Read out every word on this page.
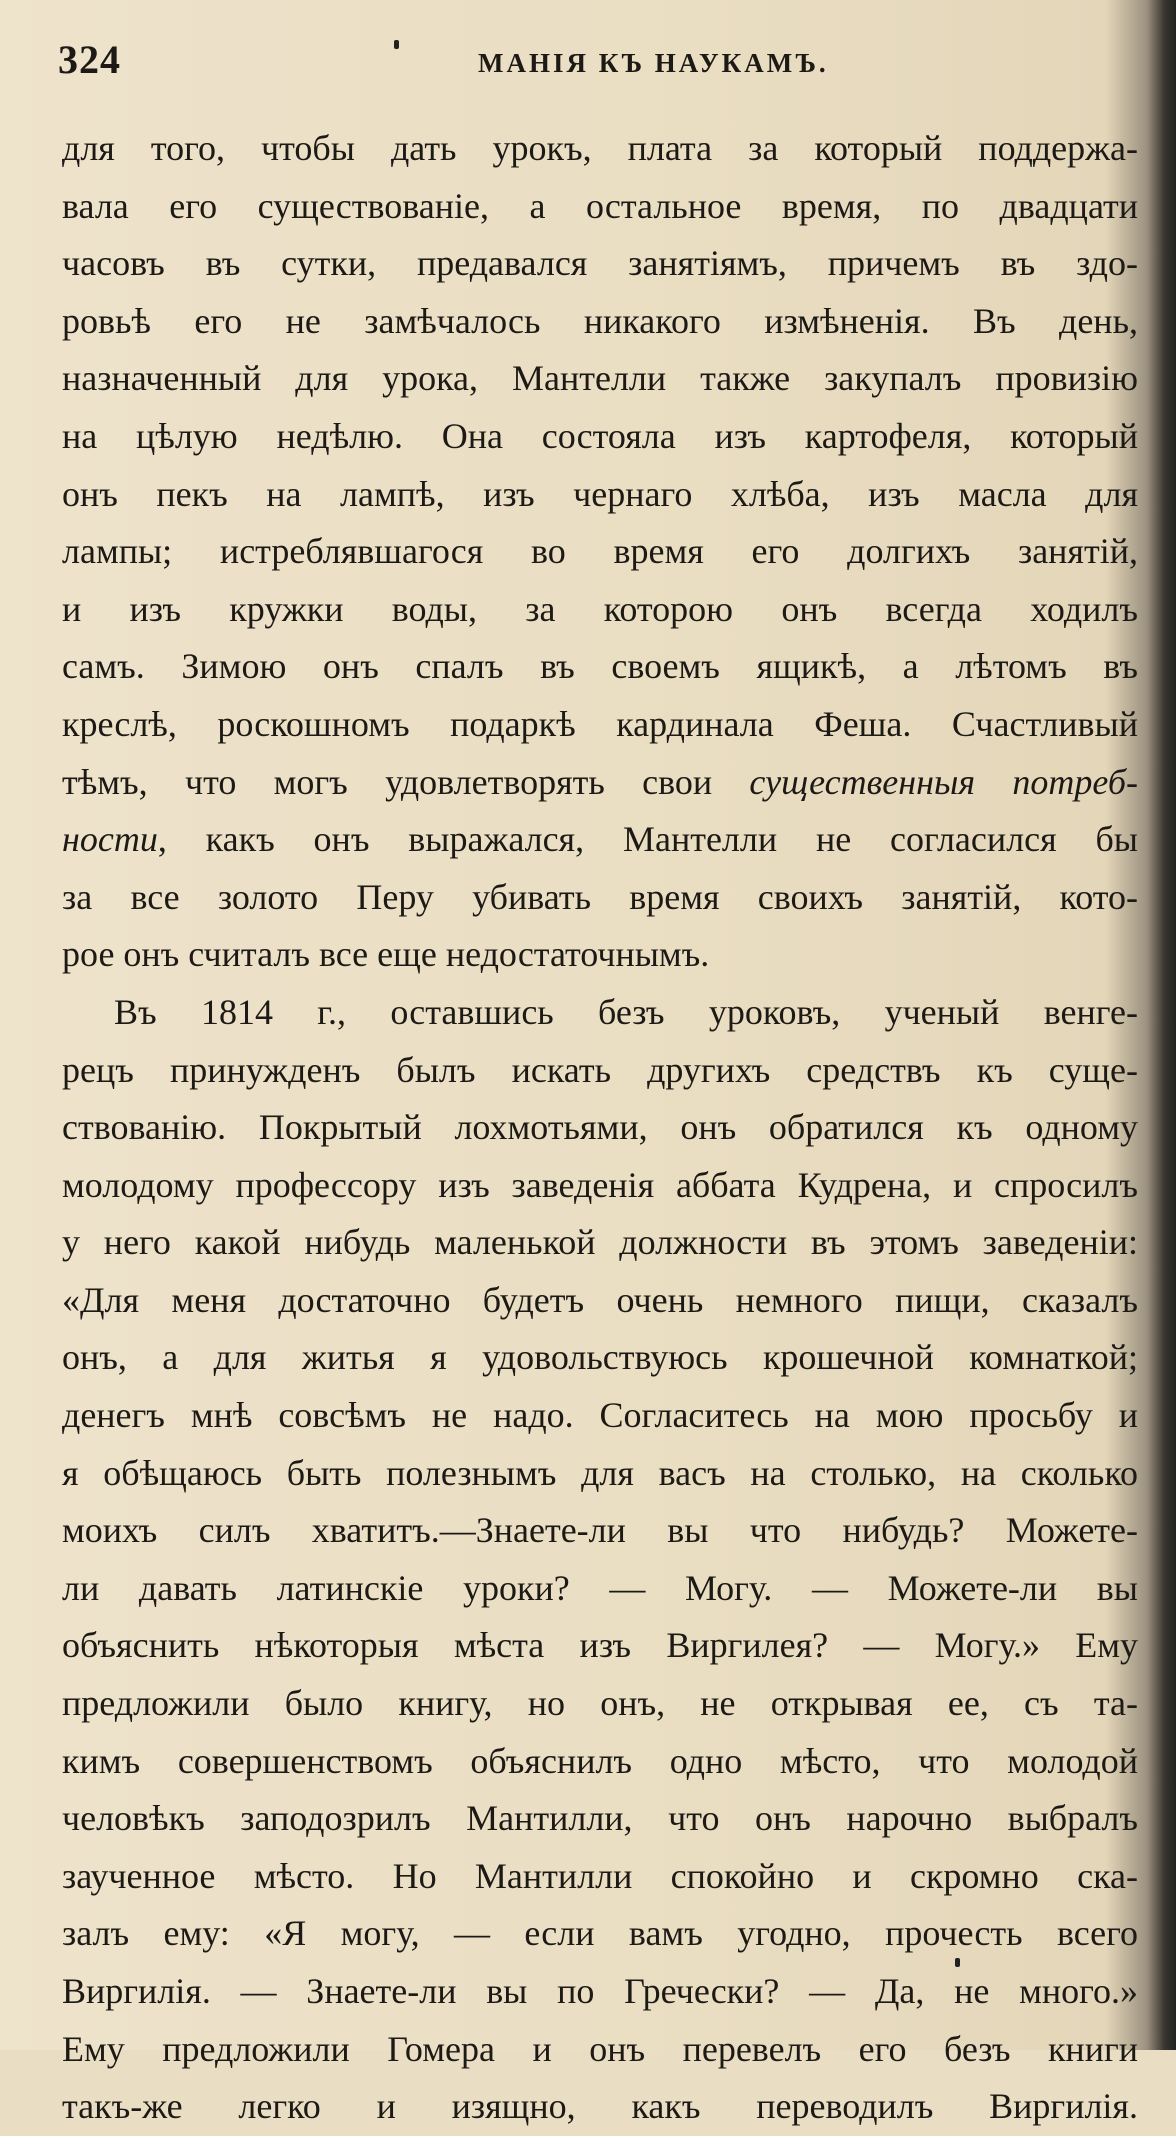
324	МАНІЯ КЪ НАУКАМЪ.
для того, чтобы дать урокъ, плата за который поддержа-
вала его существованіе, а остальное время, по двадцати
часовъ въ сутки, предавался занятіямъ, причемъ въ здо-
ровьѣ его не замѣчалось никакого измѣненія. Въ день,
назначенный для урока, Мантелли также закупалъ провизію
на цѣлую недѣлю. Она состояла изъ картофеля, который
онъ пекъ на лампѣ, изъ чернаго хлѣба, изъ масла для
лампы; истреблявшагося во время его долгихъ занятій,
и изъ кружки воды, за которою онъ всегда ходилъ
самъ. Зимою онъ спалъ въ своемъ ящикѣ, а лѣтомъ въ
креслѣ, роскошномъ подаркѣ кардинала Феша. Счастливый
тѣмъ, что могъ удовлетворять свои существенныя потреб-
ности, какъ онъ выражался, Мантелли не согласился бы
за все золото Перу убивать время своихъ занятій, кото-
рое онъ считалъ все еще недостаточнымъ.
Въ 1814 г., оставшись безъ уроковъ, ученый венге-
рецъ принужденъ былъ искать другихъ средствъ къ суще-
ствованію. Покрытый лохмотьями, онъ обратился къ одному
молодому профессору изъ заведенія аббата Кудрена, и спросилъ
у него какой нибудь маленькой должности въ этомъ заведеніи:
«Для меня достаточно будетъ очень немного пищи, сказалъ
онъ, а для житья я удовольствуюсь крошечной комнаткой;
денегъ мнѣ совсѣмъ не надо. Согласитесь на мою просьбу и
я обѣщаюсь быть полезнымъ для васъ на столько, на сколько
моихъ силъ хватитъ.—Знаете-ли вы что нибудь? Можете-
ли давать латинскіе уроки? — Могу. — Можете-ли вы
объяснить нѣкоторыя мѣста изъ Виргилея? — Могу.» Ему
предложили было книгу, но онъ, не открывая ее, съ та-
кимъ совершенствомъ объяснилъ одно мѣсто, что молодой
человѣкъ заподозрилъ Мантилли, что онъ нарочно выбралъ
заученное мѣсто. Но Мантилли спокойно и скромно ска-
залъ ему: «Я могу, — если вамъ угодно, прочесть всего
Виргилія. — Знаете-ли вы по Гречески? — Да, не много.»
Ему предложили Гомера и онъ перевелъ его безъ книги
такъ-же легко и изящно, какъ переводилъ Виргилія.
